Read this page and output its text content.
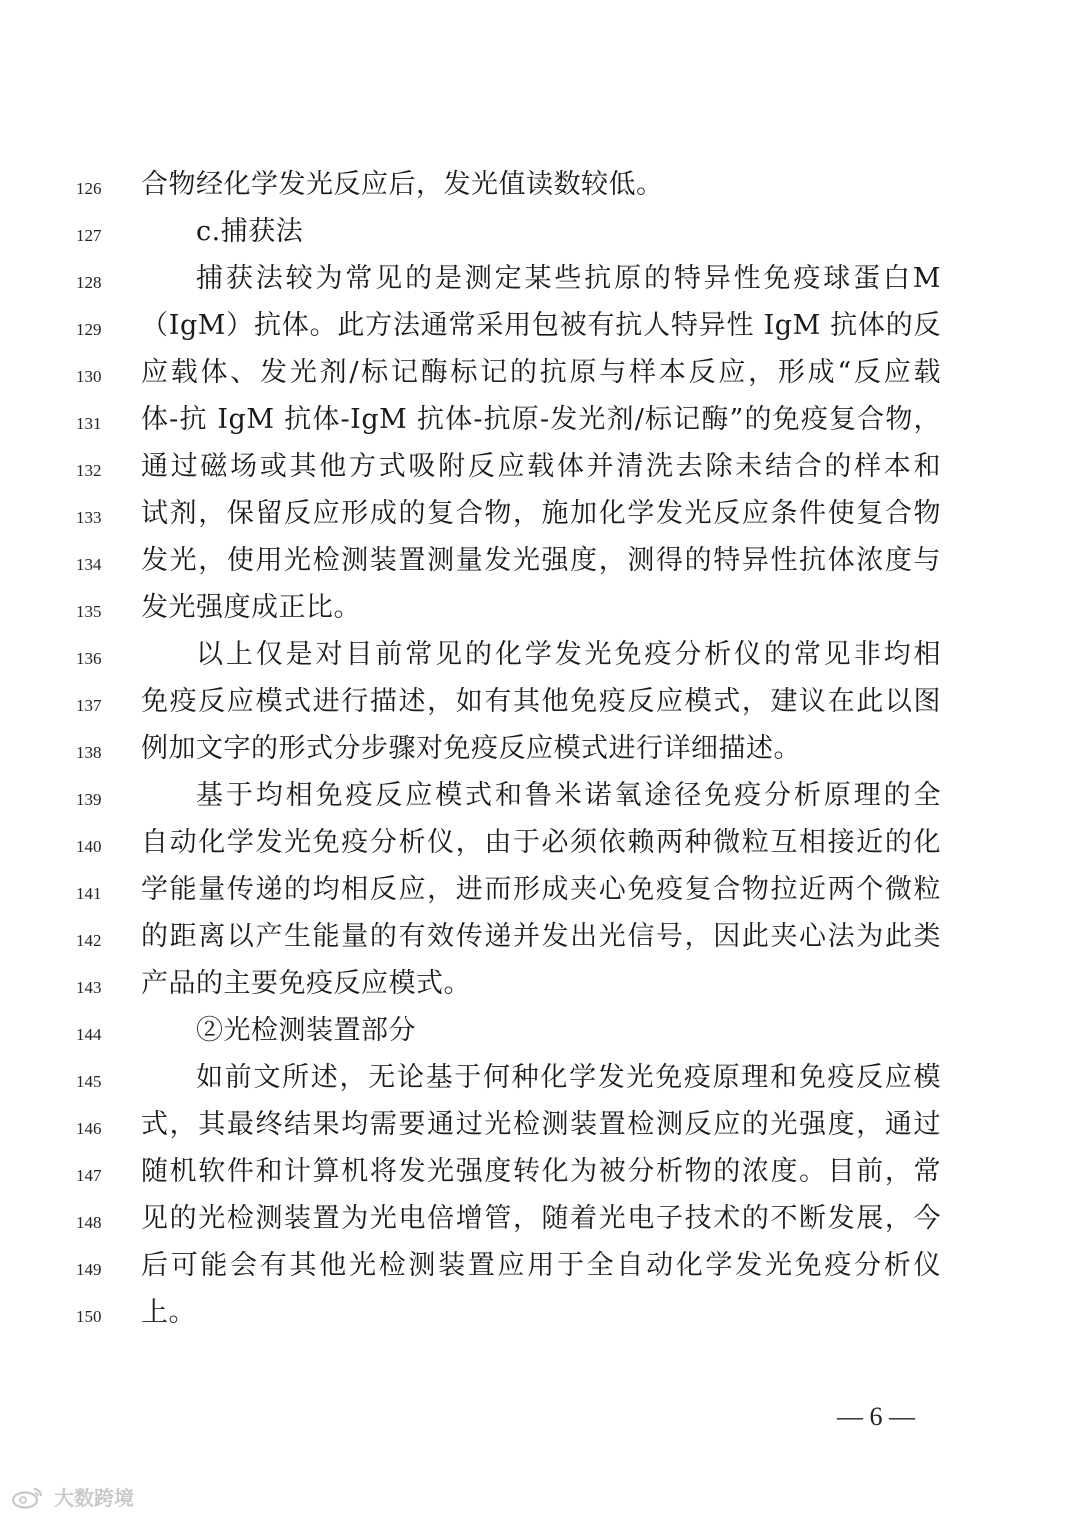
126	合物经化学发光反应后，发光值读数较低。
127	c.捕获法
128	捕获法较为常见的是测定某些抗原的特异性免疫球蛋白M
129	（IgM）抗体。此方法通常采用包被有抗人特异性 IgM 抗体的反
130	应载体、发光剂/标记酶标记的抗原与样本反应，形成“反应载
131	体-抗 IgM 抗体-IgM 抗体-抗原-发光剂/标记酶”的免疫复合物，
132	通过磁场或其他方式吸附反应载体并清洗去除未结合的样本和
133	试剂，保留反应形成的复合物，施加化学发光反应条件使复合物
134	发光，使用光检测装置测量发光强度，测得的特异性抗体浓度与
135	发光强度成正比。
136	以上仅是对目前常见的化学发光免疫分析仪的常见非均相
137	免疫反应模式进行描述，如有其他免疫反应模式，建议在此以图
138	例加文字的形式分步骤对免疫反应模式进行详细描述。
139	基于均相免疫反应模式和鲁米诺氧途径免疫分析原理的全
140	自动化学发光免疫分析仪，由于必须依赖两种微粒互相接近的化
141	学能量传递的均相反应，进而形成夹心免疫复合物拉近两个微粒
142	的距离以产生能量的有效传递并发出光信号，因此夹心法为此类
143	产品的主要免疫反应模式。
144	②光检测装置部分
145	如前文所述，无论基于何种化学发光免疫原理和免疫反应模
146	式，其最终结果均需要通过光检测装置检测反应的光强度，通过
147	随机软件和计算机将发光强度转化为被分析物的浓度。目前，常
148	见的光检测装置为光电倍增管，随着光电子技术的不断发展，今
149	后可能会有其他光检测装置应用于全自动化学发光免疫分析仪
150	上。
— 6 —
大数跨境
